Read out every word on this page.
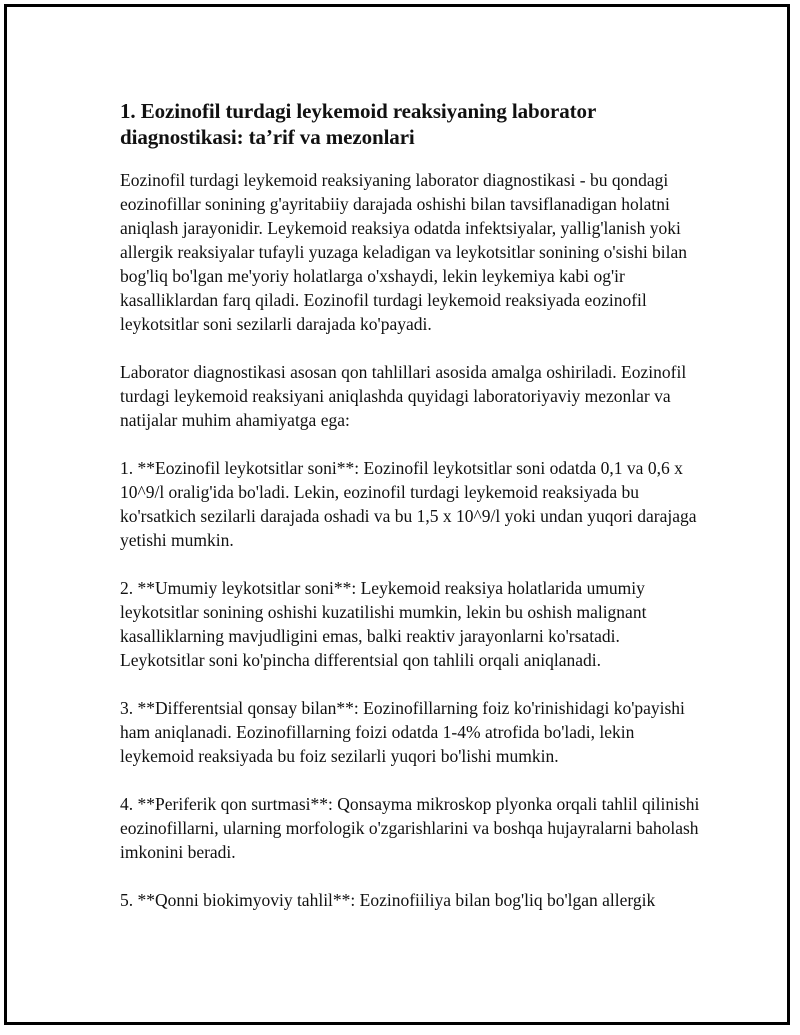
1. Eozinofil turdagi leykemoid reaksiyaning laborator diagnostikasi: ta’rif va mezonlari

Eozinofil turdagi leykemoid reaksiyaning laborator diagnostikasi - bu qondagi eozinofillar sonining g'ayritabiiy darajada oshishi bilan tavsiflanadigan holatni aniqlash jarayonidir. Leykemoid reaksiya odatda infektsiyalar, yallig'lanish yoki allergik reaksiyalar tufayli yuzaga keladigan va leykotsitlar sonining o'sishi bilan bog'liq bo'lgan me'yoriy holatlarga o'xshaydi, lekin leykemiya kabi og'ir kasalliklardan farq qiladi. Eozinofil turdagi leykemoid reaksiyada eozinofil leykotsitlar soni sezilarli darajada ko'payadi.

Laborator diagnostikasi asosan qon tahlillari asosida amalga oshiriladi. Eozinofil turdagi leykemoid reaksiyani aniqlashda quyidagi laboratoriyaviy mezonlar va natijalar muhim ahamiyatga ega:

1. **Eozinofil leykotsitlar soni**: Eozinofil leykotsitlar soni odatda 0,1 va 0,6 x 10^9/l oralig'ida bo'ladi. Lekin, eozinofil turdagi leykemoid reaksiyada bu ko'rsatkich sezilarli darajada oshadi va bu 1,5 x 10^9/l yoki undan yuqori darajaga yetishi mumkin.

2. **Umumiy leykotsitlar soni**: Leykemoid reaksiya holatlarida umumiy leykotsitlar sonining oshishi kuzatilishi mumkin, lekin bu oshish malignant kasalliklarning mavjudligini emas, balki reaktiv jarayonlarni ko'rsatadi. Leykotsitlar soni ko'pincha differentsial qon tahlili orqali aniqlanadi.

3. **Differentsial qonsay bilan**: Eozinofillarning foiz ko'rinishidagi ko'payishi ham aniqlanadi. Eozinofillarning foizi odatda 1-4% atrofida bo'ladi, lekin leykemoid reaksiyada bu foiz sezilarli yuqori bo'lishi mumkin.

4. **Periferik qon surtmasi**: Qonsayma mikroskop plyonka orqali tahlil qilinishi eozinofillarni, ularning morfologik o'zgarishlarini va boshqa hujayralarni baholash imkonini beradi.

5. **Qonni biokimyoviy tahlil**: Eozinofiiliya bilan bog'liq bo'lgan allergik
